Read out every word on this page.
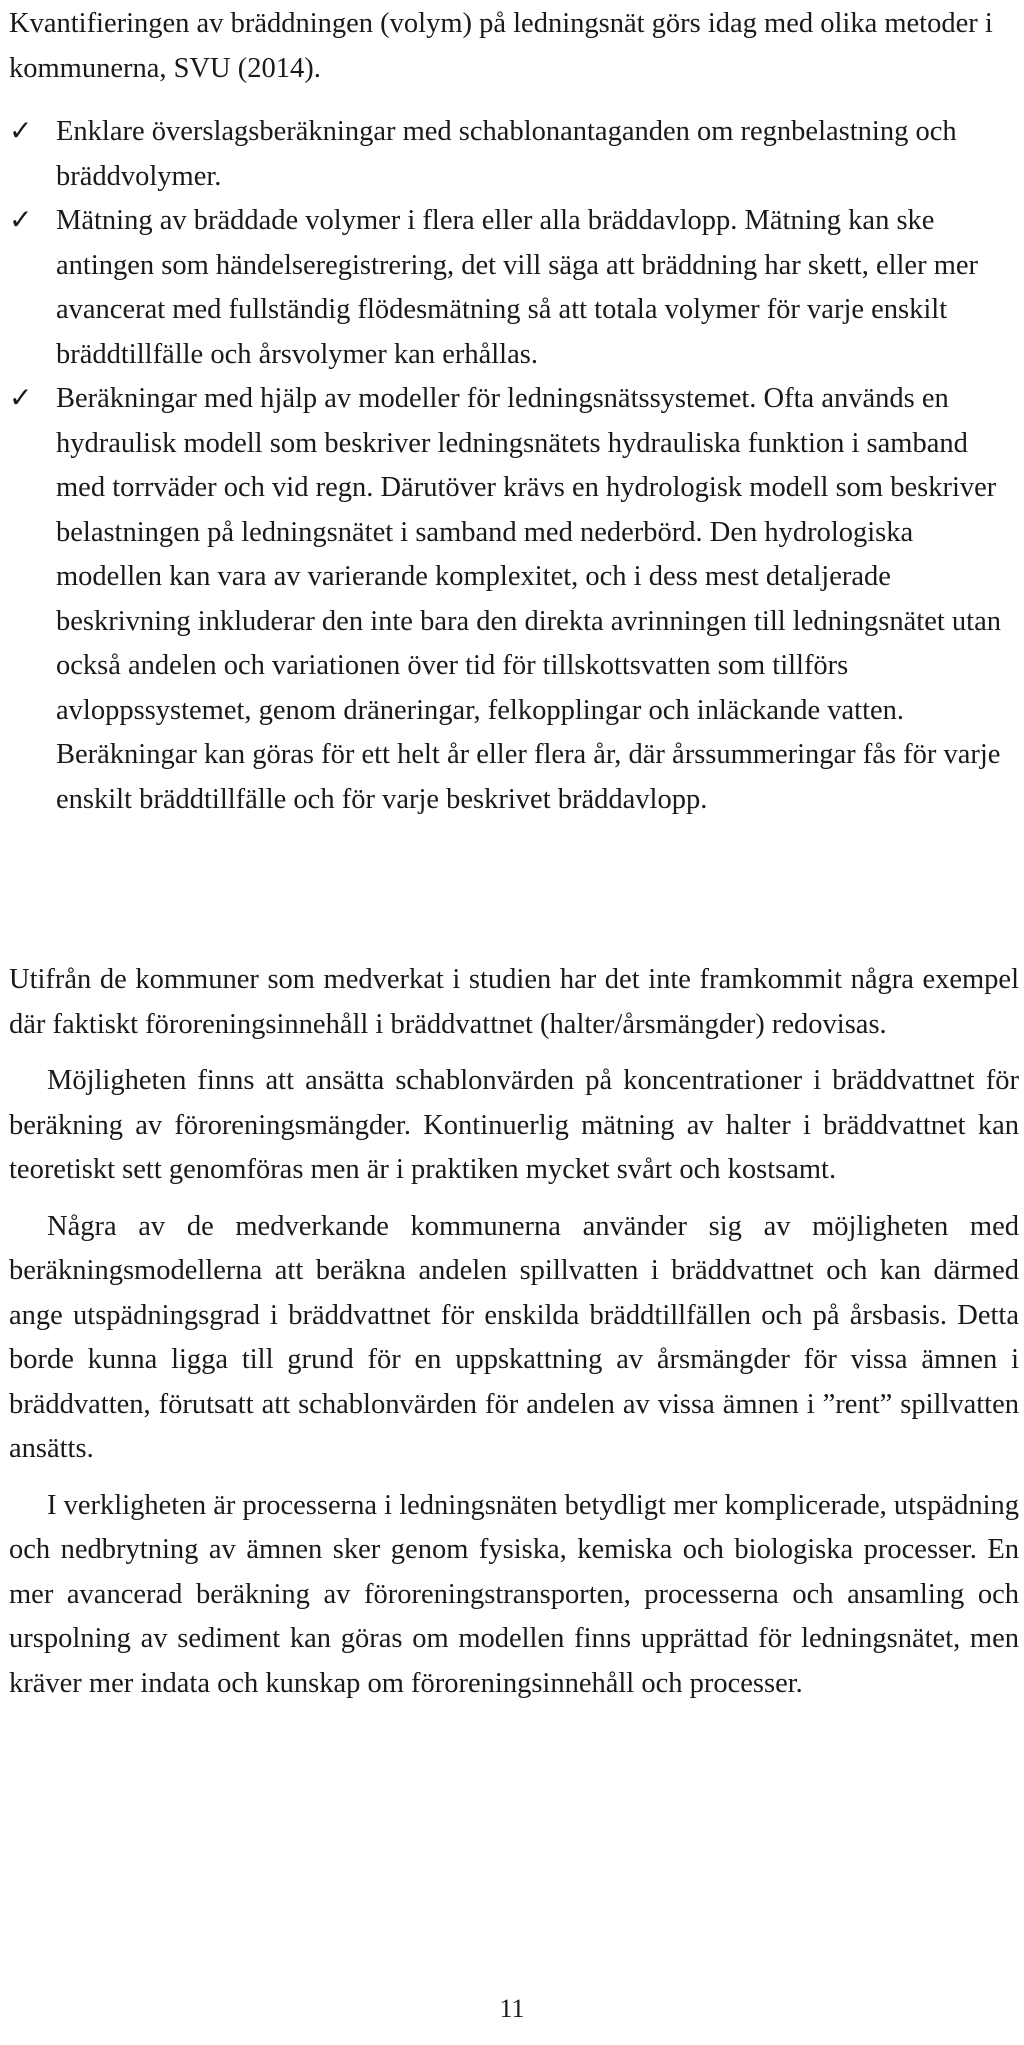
Kvantifieringen av bräddningen (volym) på ledningsnät görs idag med olika metoder i kommunerna, SVU (2014).

✓ Enklare överslagsberäkningar med schablonantaganden om regnbelastning och bräddvolymer.
✓ Mätning av bräddade volymer i flera eller alla bräddavlopp. Mätning kan ske antingen som händelseregistrering, det vill säga att bräddning har skett, eller mer avancerat med fullständig flödesmätning så att totala volymer för varje enskilt bräddtillfälle och årsvolymer kan erhållas.
✓ Beräkningar med hjälp av modeller för ledningsnätssystemet. Ofta används en hydraulisk modell som beskriver ledningsnätets hydrauliska funktion i samband med torrväder och vid regn. Därutöver krävs en hydrologisk modell som beskriver belastningen på ledningsnätet i samband med nederbörd. Den hydrologiska modellen kan vara av varierande komplexitet, och i dess mest detaljerade beskrivning inkluderar den inte bara den direkta avrinningen till ledningsnätet utan också andelen och variationen över tid för tillskottsvatten som tillförs avloppssystemet, genom dräneringar, felkopplingar och inläckande vatten. Beräkningar kan göras för ett helt år eller flera år, där årssummeringar fås för varje enskilt bräddtillfälle och för varje beskrivet bräddavlopp.

Utifrån de kommuner som medverkat i studien har det inte framkommit några exempel där faktiskt föroreningsinnehåll i bräddvattnet (halter/årsmängder) redovisas.

Möjligheten finns att ansätta schablonvärden på koncentrationer i bräddvattnet för beräkning av föroreningsmängder. Kontinuerlig mätning av halter i bräddvattnet kan teoretiskt sett genomföras men är i praktiken mycket svårt och kostsamt.

Några av de medverkande kommunerna använder sig av möjligheten med beräkningsmodellerna att beräkna andelen spillvatten i bräddvattnet och kan därmed ange utspädningsgrad i bräddvattnet för enskilda bräddtillfällen och på årsbasis. Detta borde kunna ligga till grund för en uppskattning av årsmängder för vissa ämnen i bräddvatten, förutsatt att schablonvärden för andelen av vissa ämnen i ”rent” spillvatten ansätts.

I verkligheten är processerna i ledningsnäten betydligt mer komplicerade, utspädning och nedbrytning av ämnen sker genom fysiska, kemiska och biologiska processer. En mer avancerad beräkning av föroreningstransporten, processerna och ansamling och urspolning av sediment kan göras om modellen finns upprättad för ledningsnätet, men kräver mer indata och kunskap om föroreningsinnehåll och processer.

11
